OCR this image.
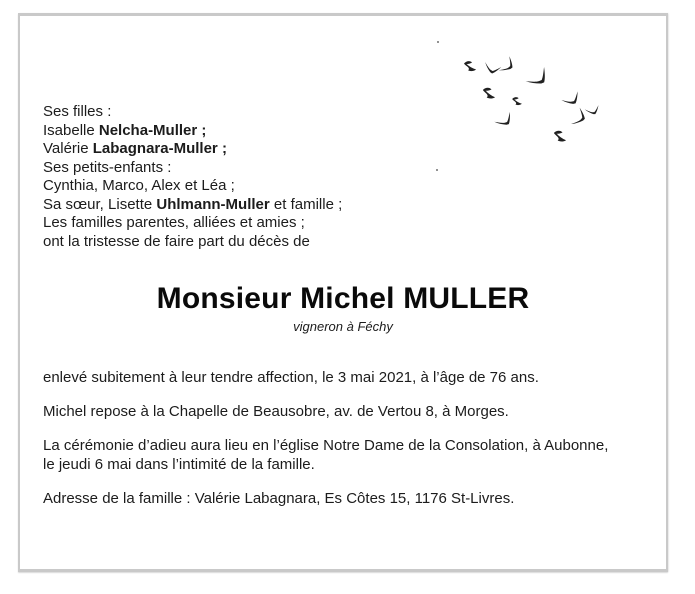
Ses filles :
Isabelle Nelcha-Muller ;
Valérie Labagnara-Muller ;
Ses petits-enfants :
Cynthia, Marco, Alex et Léa ;
Sa sœur, Lisette Uhlmann-Muller et famille ;
Les familles parentes, alliées et amies ;
ont la tristesse de faire part du décès de
Monsieur Michel MULLER
vigneron à Féchy

enlevé subitement à leur tendre affection, le 3 mai 2021, à l’âge de 76 ans.

Michel repose à la Chapelle de Beausobre, av. de Vertou 8, à Morges.

La cérémonie d’adieu aura lieu en l’église Notre Dame de la Consolation, à Aubonne,
le jeudi 6 mai dans l’intimité de la famille.

Adresse de la famille : Valérie Labagnara, Es Côtes 15, 1176 St-Livres.
